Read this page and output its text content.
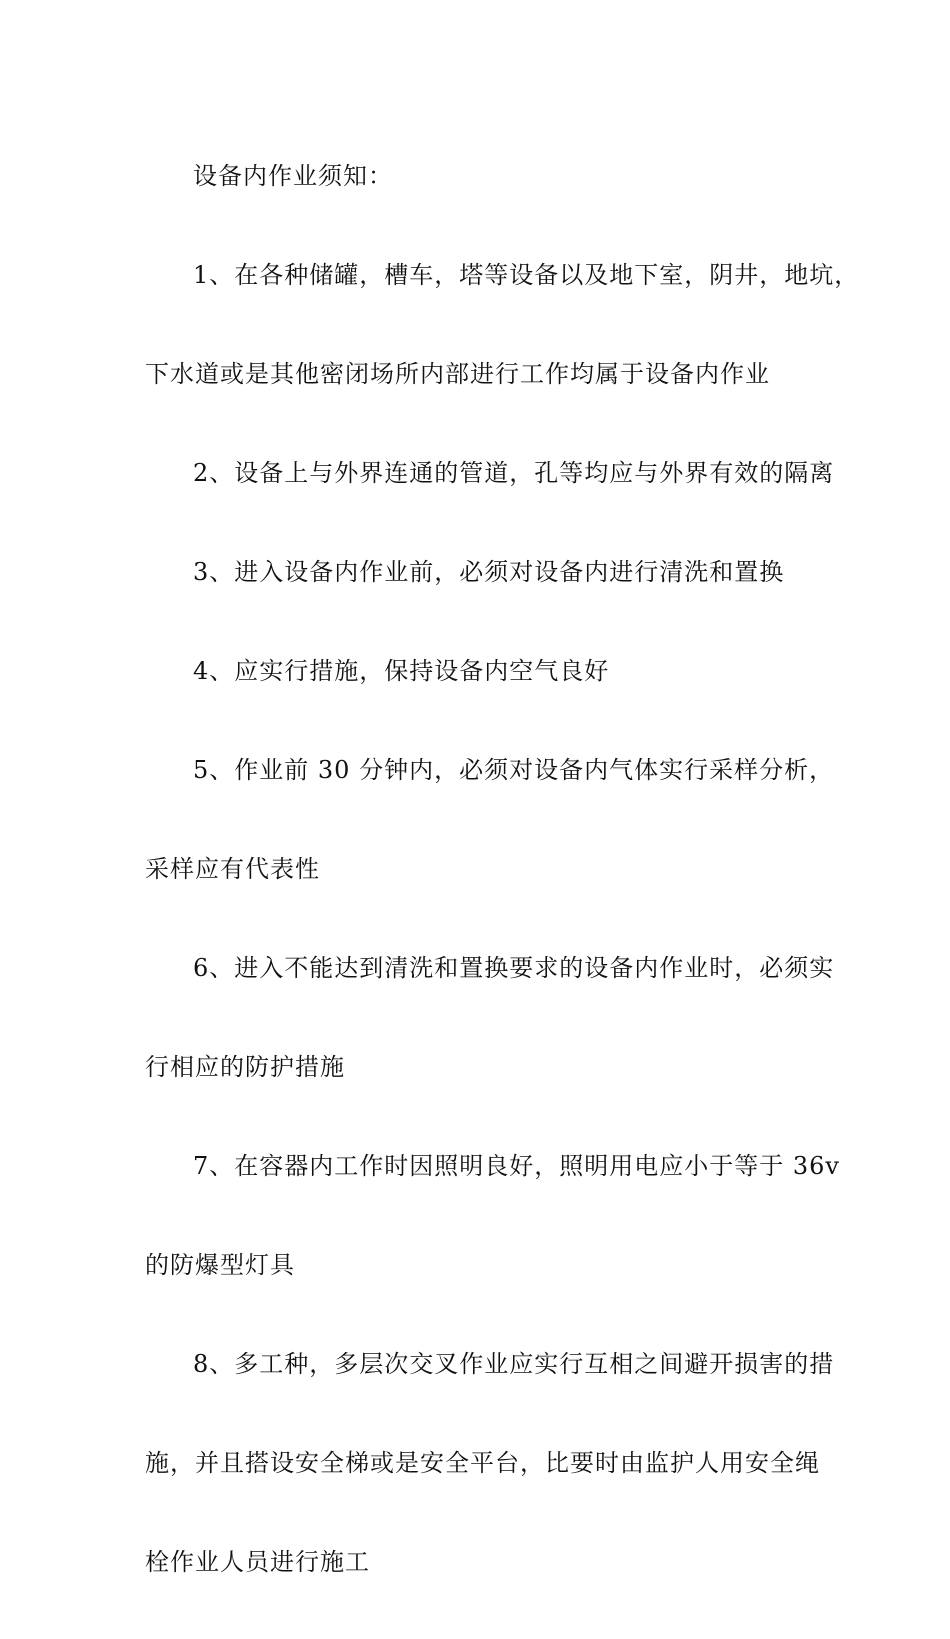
设备内作业须知：

1、在各种储罐，槽车，塔等设备以及地下室，阴井，地坑，

下水道或是其他密闭场所内部进行工作均属于设备内作业

2、设备上与外界连通的管道，孔等均应与外界有效的隔离

3、进入设备内作业前，必须对设备内进行清洗和置换

4、应实行措施，保持设备内空气良好

5、作业前 30 分钟内，必须对设备内气体实行采样分析，

采样应有代表性

6、进入不能达到清洗和置换要求的设备内作业时，必须实

行相应的防护措施

7、在容器内工作时因照明良好，照明用电应小于等于 36v

的防爆型灯具

8、多工种，多层次交叉作业应实行互相之间避开损害的措

施，并且搭设安全梯或是安全平台，比要时由监护人用安全绳

栓作业人员进行施工
